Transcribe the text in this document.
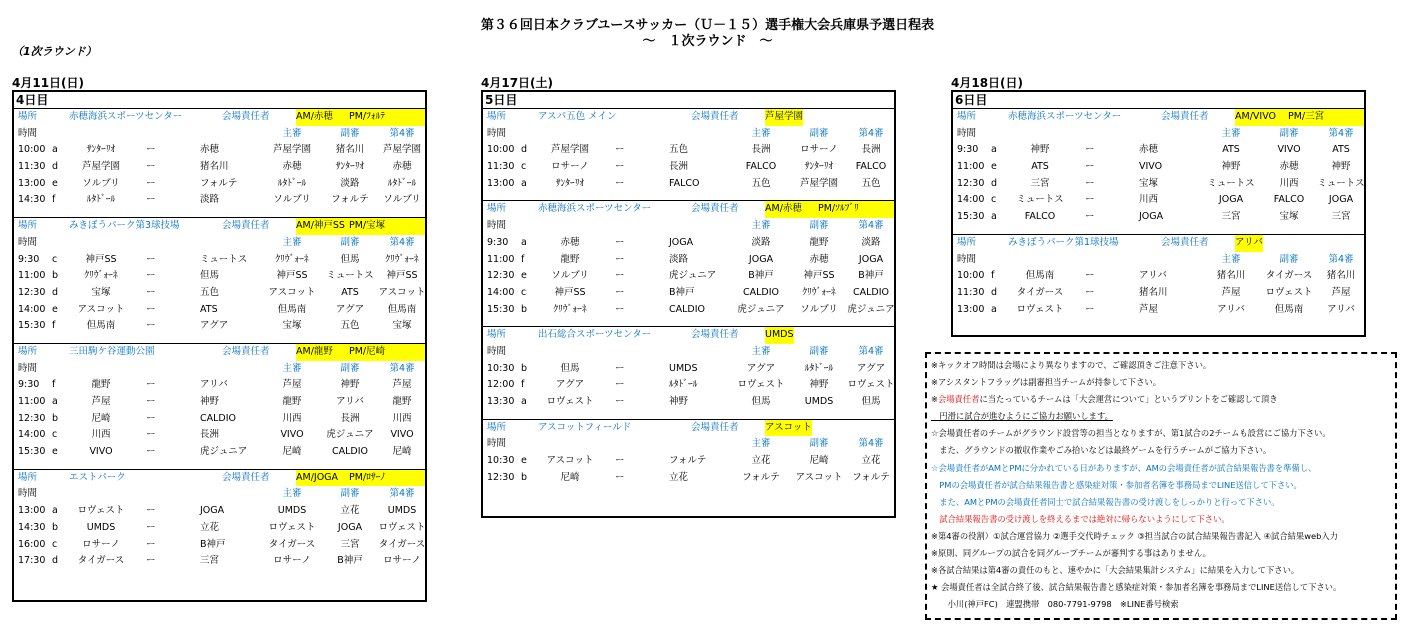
第３６回日本クラブユースサッカー（Ｕ－１５）選手権大会兵庫県予選日程表
～　１次ラウンド　～
（1次ラウンド）
4月11日(日)
4日目
場所	赤穂海浜スポーツセンター	会場責任者	AM/赤穂	PM/ﾌｫﾙﾃ
時間	主審	副審	第4審
10:00 a	ｻﾝﾀｰﾘｵ	ー	赤穂	芦屋学園	猪名川	芦屋学園
11:30 d	芦屋学園	ー	猪名川	赤穂	ｻﾝﾀｰﾘｵ	赤穂
13:00 e	ソルブリ	ー	フォルテ	ﾙﾀﾄﾞｰﾙ	淡路	ﾙﾀﾄﾞｰﾙ
14:30 f	ﾙﾀﾄﾞｰﾙ	ー	淡路	ソルブリ	フォルテ	ソルブリ
場所	みきぼうパーク第3球技場	会場責任者	AM/神戸SS PM/宝塚
時間	主審	副審	第4審
9:30	c	神戸SS	ー	ミュートス	ｸﾘｳﾞｫｰﾈ	但馬	ｸﾘｳﾞｫｰﾈ
11:00 b	ｸﾘｳﾞｫｰﾈ	ー	但馬	神戸SS	ミュートス	神戸SS
12:30 d	宝塚	ー	五色	アスコット	ATS	アスコット
14:00 e	アスコット	ー	ATS	但馬南	アグア	但馬南
15:30 f	但馬南	ー	アグア	宝塚	五色	宝塚
場所	三田駒ケ谷運動公園	会場責任者	AM/龍野	PM/尼崎
時間	主審	副審	第4審
9:30	f	龍野	ー	アリバ	芦屋	神野	芦屋
11:00 a	芦屋	ー	神野	龍野	アリバ	龍野
12:30 b	尼崎	ー	CALDIO	川西	長洲	川西
14:00 c	川西	ー	長洲	VIVO	虎ジュニア	VIVO
15:30 e	VIVO	ー	虎ジュニア	尼崎	CALDIO	尼崎
場所	エストパーク	会場責任者	AM/JOGA	PM/ﾛｻｰﾉ
時間	主審	副審	第4審
13:00 a	ロヴェスト	ー	JOGA	UMDS	立花	UMDS
14:30 b	UMDS	ー	立花	ロヴェスト	JOGA	ロヴェスト
16:00 c	ロサーノ	ー	B神戸	タイガース	三宮	タイガース
17:30 d	タイガース	ー	三宮	ロサーノ	B神戸	ロサーノ
4月17日(土)
5日目
場所	アスパ五色 メイン	会場責任者	芦屋学園
時間	主審	副審	第4審
10:00 d	芦屋学園	ー	五色	長洲	ロサーノ	長洲
11:30 c	ロサーノ	ー	長洲	FALCO	ｻﾝﾀｰﾘｵ	FALCO
13:00 a	ｻﾝﾀｰﾘｵ	ー	FALCO	五色	芦屋学園	五色
場所	赤穂海浜スポーツセンター	会場責任者	AM/赤穂	PM/ｿﾙﾌﾞﾘ
時間	主審	副審	第4審
9:30	a	赤穂	ー	JOGA	淡路	龍野	淡路
11:00 f	龍野	ー	淡路	JOGA	赤穂	JOGA
12:30 e	ソルブリ	ー	虎ジュニア	B神戸	神戸SS	B神戸
14:00 c	神戸SS	ー	B神戸	CALDIO	ｸﾘｳﾞｫｰﾈ	CALDIO
15:30 b	ｸﾘｳﾞｫｰﾈ	ー	CALDIO	虎ジュニア	ソルブリ	虎ジュニア
場所	出石総合スポーツセンター	会場責任者	UMDS
時間	主審	副審	第4審
10:30 b	但馬	ー	UMDS	アグア	ﾙﾀﾄﾞｰﾙ	アグア
12:00 f	アグア	ー	ﾙﾀﾄﾞｰﾙ	ロヴェスト	神野	ロヴェスト
13:30 a	ロヴェスト	ー	神野	但馬	UMDS	但馬
場所	アスコットフィールド	会場責任者	アスコット
時間	主審	副審	第4審
10:30 e	アスコット	ー	フォルテ	立花	尼崎	立花
12:30 b	尼崎	ー	立花	フォルテ	アスコット	フォルテ
4月18日(日)
6日目
場所	赤穂海浜スポーツセンター	会場責任者	AM/VIVO	PM/三宮
時間	主審	副審	第4審
9:30	a	神野	ー	赤穂	ATS	VIVO	ATS
11:00 e	ATS	ー	VIVO	神野	赤穂	神野
12:30 d	三宮	ー	宝塚	ミュートス	川西	ミュートス
14:00 c	ミュートス	ー	川西	JOGA	FALCO	JOGA
15:30 a	FALCO	ー	JOGA	三宮	宝塚	三宮
場所	みきぼうパーク第1球技場	会場責任者	アリバ
時間	主審	副審	第4審
10:00 f	但馬南	ー	アリバ	猪名川	タイガース	猪名川
11:30 d	タイガース	ー	猪名川	芦屋	ロヴェスト	芦屋
13:00 a	ロヴェスト	ー	芦屋	アリバ	但馬南	アリバ
※キックオフ時間は会場により異なりますので、ご確認頂きご注意下さい。
※アシスタントフラッグは副審担当チームが持参して下さい。
※会場責任者に当たっているチームは「大会運営について」というプリントをご確認して頂き
　円滑に試合が進むようにご協力お願いします。
☆会場責任者のチームがグラウンド設営等の担当となりますが、第1試合の2チームも設営にご協力下さい。
　また、グラウンドの撤収作業やごみ拾いなどは最終ゲームを行うチームがご協力下さい。
☆会場責任者がAMとPMに分かれている日がありますが、AMの会場責任者が試合結果報告書を準備し、
　PMの会場責任者が試合結果報告書と感染症対策・参加者名簿を事務局までLINE送信して下さい。
　また、AMとPMの会場責任者同士で試合結果報告書の受け渡しをしっかりと行って下さい。
　試合結果報告書の受け渡しを終えるまでは絶対に帰らないようにして下さい。
※第4審の役割）①試合運営協力 ②選手交代時チェック ③担当試合の試合結果報告書記入 ④試合結果web入力
※原則、同グループの試合を同グループチームが審判する事はありません。
※各試合結果は第4審の責任のもと、速やかに「大会結果集計システム」に結果を入力して下さい。
★ 会場責任者は全試合終了後、試合結果報告書と感染症対策・参加者名簿を事務局までLINE送信して下さい。
　　小川(神戸FC)　連盟携帯　080-7791-9798　※LINE番号検索
